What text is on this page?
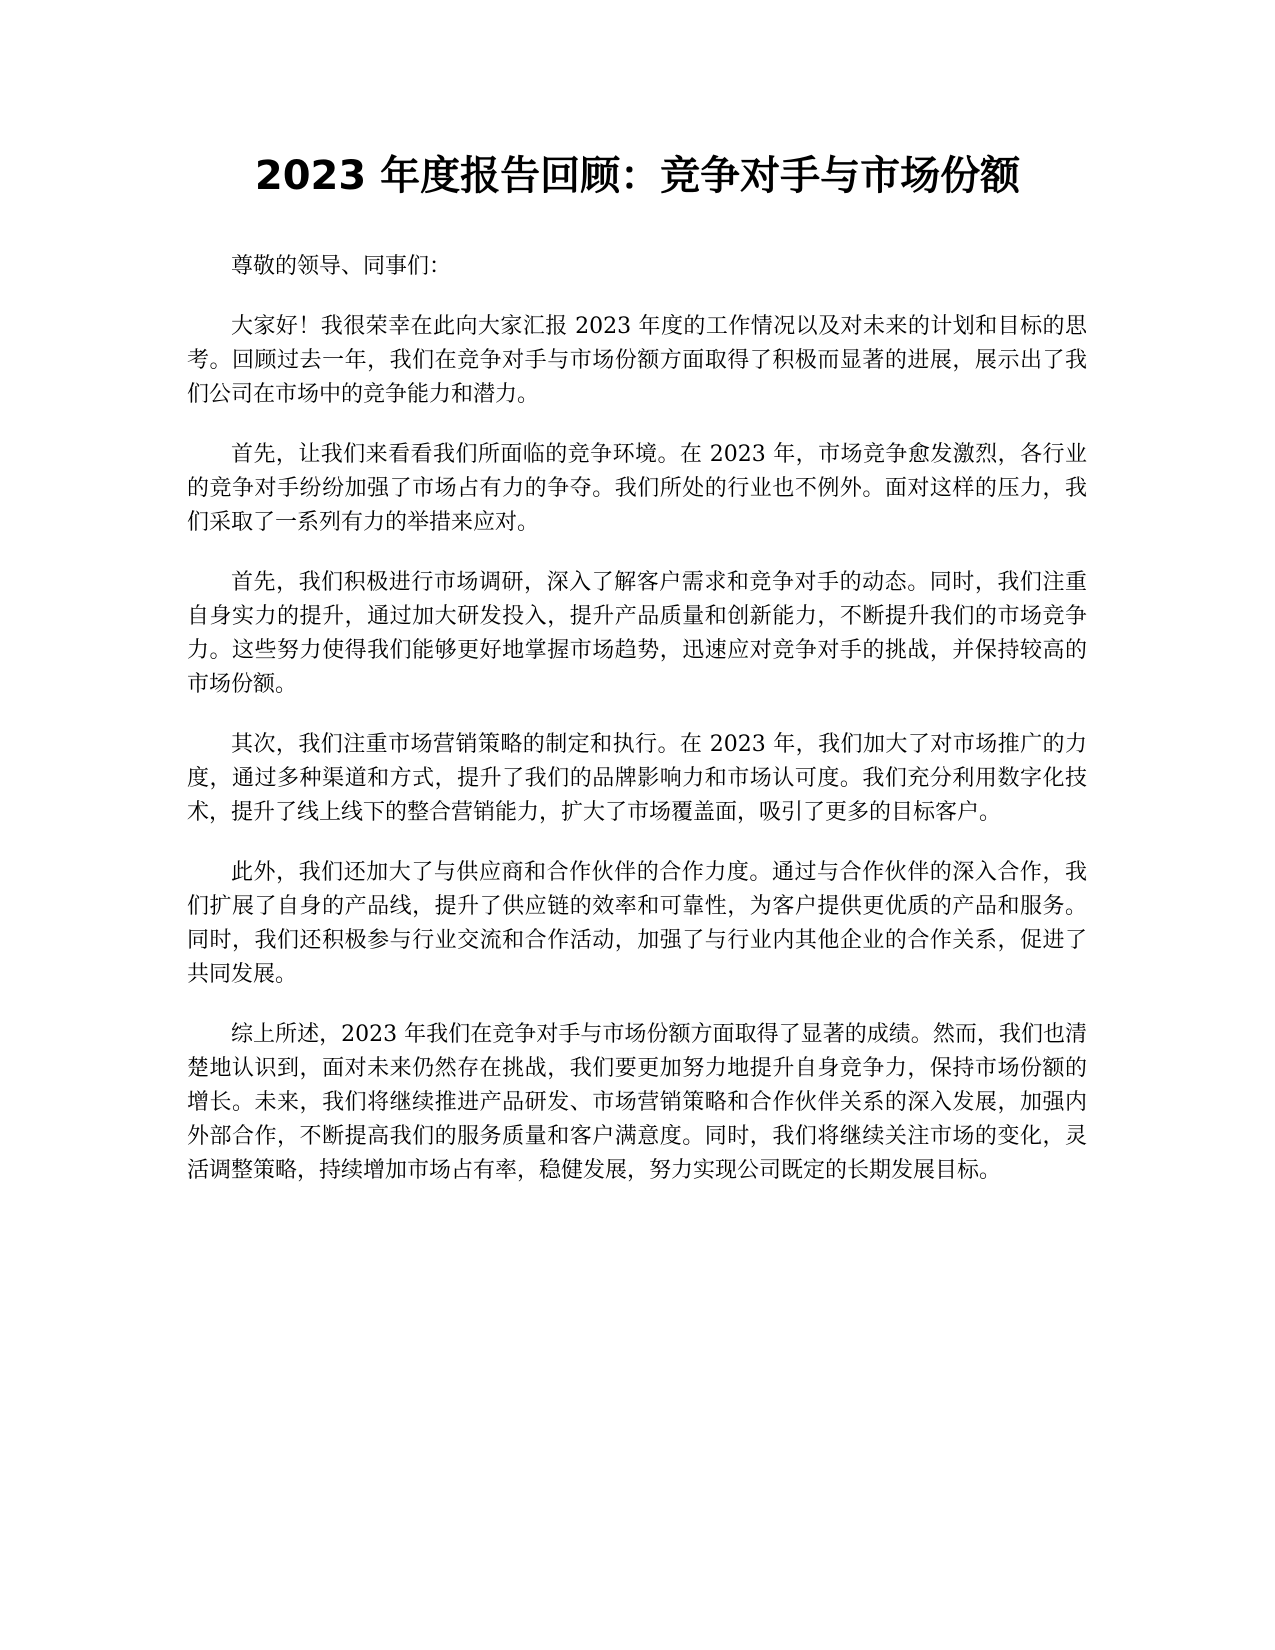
2023 年度报告回顾：竞争对手与市场份额

尊敬的领导、同事们：

大家好！我很荣幸在此向大家汇报 2023 年度的工作情况以及对未来的计划和目标的思考。回顾过去一年，我们在竞争对手与市场份额方面取得了积极而显著的进展，展示出了我们公司在市场中的竞争能力和潜力。

首先，让我们来看看我们所面临的竞争环境。在 2023 年，市场竞争愈发激烈，各行业的竞争对手纷纷加强了市场占有力的争夺。我们所处的行业也不例外。面对这样的压力，我们采取了一系列有力的举措来应对。

首先，我们积极进行市场调研，深入了解客户需求和竞争对手的动态。同时，我们注重自身实力的提升，通过加大研发投入，提升产品质量和创新能力，不断提升我们的市场竞争力。这些努力使得我们能够更好地掌握市场趋势，迅速应对竞争对手的挑战，并保持较高的市场份额。

其次，我们注重市场营销策略的制定和执行。在 2023 年，我们加大了对市场推广的力度，通过多种渠道和方式，提升了我们的品牌影响力和市场认可度。我们充分利用数字化技术，提升了线上线下的整合营销能力，扩大了市场覆盖面，吸引了更多的目标客户。

此外，我们还加大了与供应商和合作伙伴的合作力度。通过与合作伙伴的深入合作，我们扩展了自身的产品线，提升了供应链的效率和可靠性，为客户提供更优质的产品和服务。同时，我们还积极参与行业交流和合作活动，加强了与行业内其他企业的合作关系，促进了共同发展。

综上所述，2023 年我们在竞争对手与市场份额方面取得了显著的成绩。然而，我们也清楚地认识到，面对未来仍然存在挑战，我们要更加努力地提升自身竞争力，保持市场份额的增长。未来，我们将继续推进产品研发、市场营销策略和合作伙伴关系的深入发展，加强内外部合作，不断提高我们的服务质量和客户满意度。同时，我们将继续关注市场的变化，灵活调整策略，持续增加市场占有率，稳健发展，努力实现公司既定的长期发展目标。
